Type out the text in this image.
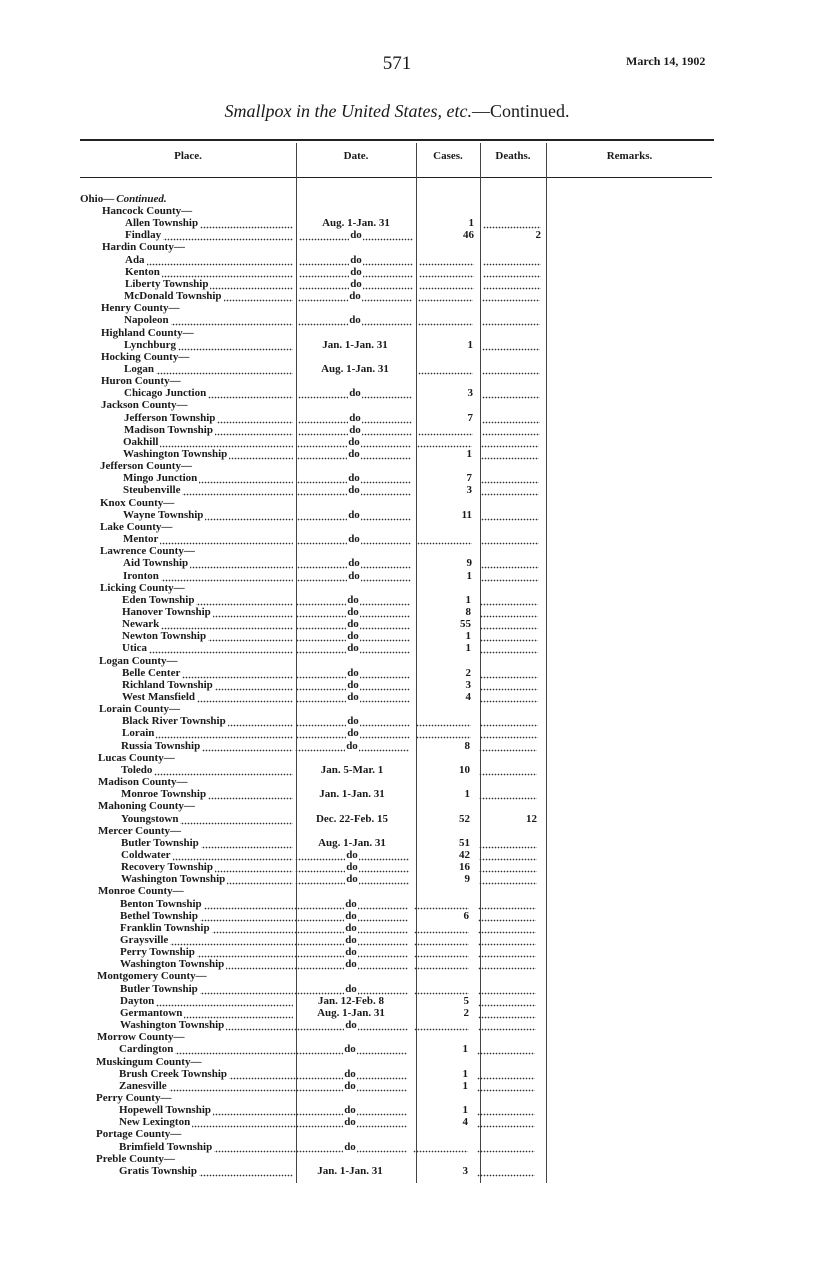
571	March 14, 1902
Smallpox in the United States, etc.—Continued.
Place.	Date.	Cases.	Deaths.	Remarks.
Ohio— Continued.
Hancock County—
Allen Township	Aug. 1-Jan. 31	1
Findlay	do	46	2
Hardin County—
Ada	do
Kenton	do
Liberty Township	do
McDonald Township	do
Henry County—
Napoleon	do
Highland County—
Lynchburg	Jan. 1-Jan. 31	1
Hocking County—
Logan	Aug. 1-Jan. 31
Huron County—
Chicago Junction	do	3
Jackson County—
Jefferson Township	do	7
Madison Township	do
Oakhill	do
Washington Township	do	1
Jefferson County—
Mingo Junction	do	7
Steubenville	do	3
Knox County—
Wayne Township	do	11
Lake County—
Mentor	do
Lawrence County—
Aid Township	do	9
Ironton	do	1
Licking County—
Eden Township	do	1
Hanover Township	do	8
Newark	do	55
Newton Township	do	1
Utica	do	1
Logan County—
Belle Center	do	2
Richland Township	do	3
West Mansfield	do	4
Lorain County—
Black River Township	do
Lorain	do
Russia Township	do	8
Lucas County—
Toledo	Jan. 5-Mar. 1	10
Madison County—
Monroe Township	Jan. 1-Jan. 31	1
Mahoning County—
Youngstown	Dec. 22-Feb. 15	52	12
Mercer County—
Butler Township	Aug. 1-Jan. 31	51
Coldwater	do	42
Recovery Township	do	16
Washington Township	do	9
Monroe County—
Benton Township	do
Bethel Township	do	6
Franklin Township	do
Graysville	do
Perry Township	do
Washington Township	do
Montgomery County—
Butler Township	do
Dayton	Jan. 12-Feb. 8	5
Germantown	Aug. 1-Jan. 31	2
Washington Township	do
Morrow County—
Cardington	do	1
Muskingum County—
Brush Creek Township	do	1
Zanesville	do	1
Perry County—
Hopewell Township	do	1
New Lexington	do	4
Portage County—
Brimfield Township	do
Preble County—
Gratis Township	Jan. 1-Jan. 31	3
